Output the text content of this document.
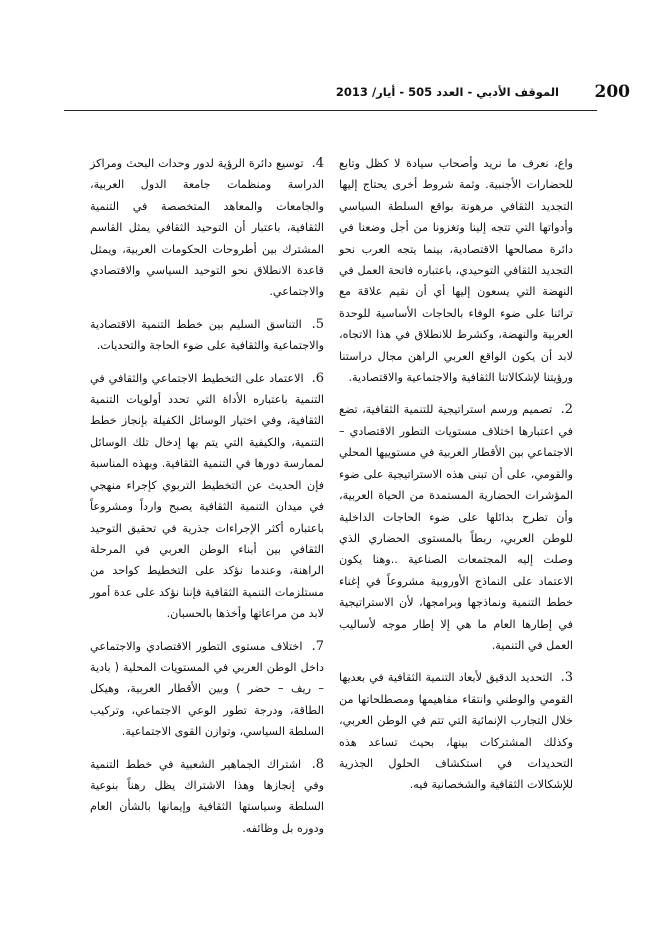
200
الموقف الأدبي - العدد 505 - أيار/ 2013

واع، نعرف ما نريد وأصحاب سيادة لا كظل وتابع للحضارات الأجنبية. وثمة شروط أخرى يحتاج إليها التجديد الثقافي مرهونة بواقع السلطة السياسي وأدواتها التي تتجه إلينا وتغزونا من أجل وضعنا في دائرة مصالحها الاقتصادية، بينما يتجه العرب نحو التجديد الثقافي التوحيدي، باعتباره فاتحة العمل في النهضة التي يسعون إليها أي أن نقيم علاقة مع تراثنا على ضوء الوفاء بالحاجات الأساسية للوحدة العربية والنهضة، وكشرط للانطلاق في هذا الاتجاه، لابد أن يكون الواقع العربي الراهن مجال دراستنا ورؤيتنا لإشكالاتنا الثقافية والاجتماعية والاقتصادية.

2. تصميم ورسم استراتيجية للتنمية الثقافية، تضع في اعتبارها اختلاف مستويات التطور الاقتصادي – الاجتماعي بين الأقطار العربية في مستوييها المحلي والقومي، على أن تبنى هذه الاستراتيجية على ضوء المؤشرات الحضارية المستمدة من الحياة العربية، وأن تطرح بدائلها على ضوء الحاجات الداخلية للوطن العربي، ربطاً بالمستوى الحضاري الذي وصلت إليه المجتمعات الصناعية ..وهنا يكون الاعتماد على النماذج الأوروبية مشروعاً في إغناء خطط التنمية ونماذجها وبرامجها، لأن الاستراتيجية في إطارها العام ما هي إلا إطار موجه لأساليب العمل في التنمية.

3. التحديد الدقيق لأبعاد التنمية الثقافية في بعديها القومي والوطني وانتقاء مفاهيمها ومصطلحاتها من خلال التجارب الإنمائية التي تتم في الوطن العربي، وكذلك المشتركات بينها، بحيث تساعد هذه التحديدات في استكشاف الحلول الجذرية للإشكالات الثقافية والشخصانية فيه.

4. توسيع دائرة الرؤية لدور وحدات البحث ومراكز الدراسة ومنظمات جامعة الدول العربية، والجامعات والمعاهد المتخصصة في التنمية الثقافية، باعتبار أن التوحيد الثقافي يمثل القاسم المشترك بين أطروحات الحكومات العربية، ويمثل قاعدة الانطلاق نحو التوحيد السياسي والاقتصادي والاجتماعي.

5. التناسق السليم بين خطط التنمية الاقتصادية والاجتماعية والثقافية على ضوء الحاجة والتحديات.

6. الاعتماد على التخطيط الاجتماعي والثقافي في التنمية باعتباره الأداة التي تحدد أولويات التنمية الثقافية، وفي اختيار الوسائل الكفيلة بإنجاز خطط التنمية، والكيفية التي يتم بها إدخال تلك الوسائل لممارسة دورها في التنمية الثقافية. وبهذه المناسبة فإن الحديث عن التخطيط التربوي كإجراء منهجي في ميدان التنمية الثقافية يصبح وارداً ومشروعاً باعتباره أكثر الإجراءات جذرية في تحقيق التوحيد الثقافي بين أبناء الوطن العربي في المرحلة الراهنة، وعندما نؤكد على التخطيط كواحد من مستلزمات التنمية الثقافية فإننا نؤكد على عدة أمور لابد من مراعاتها وأخذها بالحسبان.

7. اختلاف مستوى التطور الاقتصادي والاجتماعي داخل الوطن العربي في المستويات المحلية ( بادية – ريف – حضر ) وبين الأقطار العربية، وهيكل الطاقة، ودرجة تطور الوعي الاجتماعي، وتركيب السلطة السياسي، وتوازن القوى الاجتماعية.

8. اشتراك الجماهير الشعبية في خطط التنمية وفي إنجازها وهذا الاشتراك يظل رهناً بنوعية السلطة وسياستها الثقافية وإيمانها بالشأن العام ودوره بل وظائفه.
